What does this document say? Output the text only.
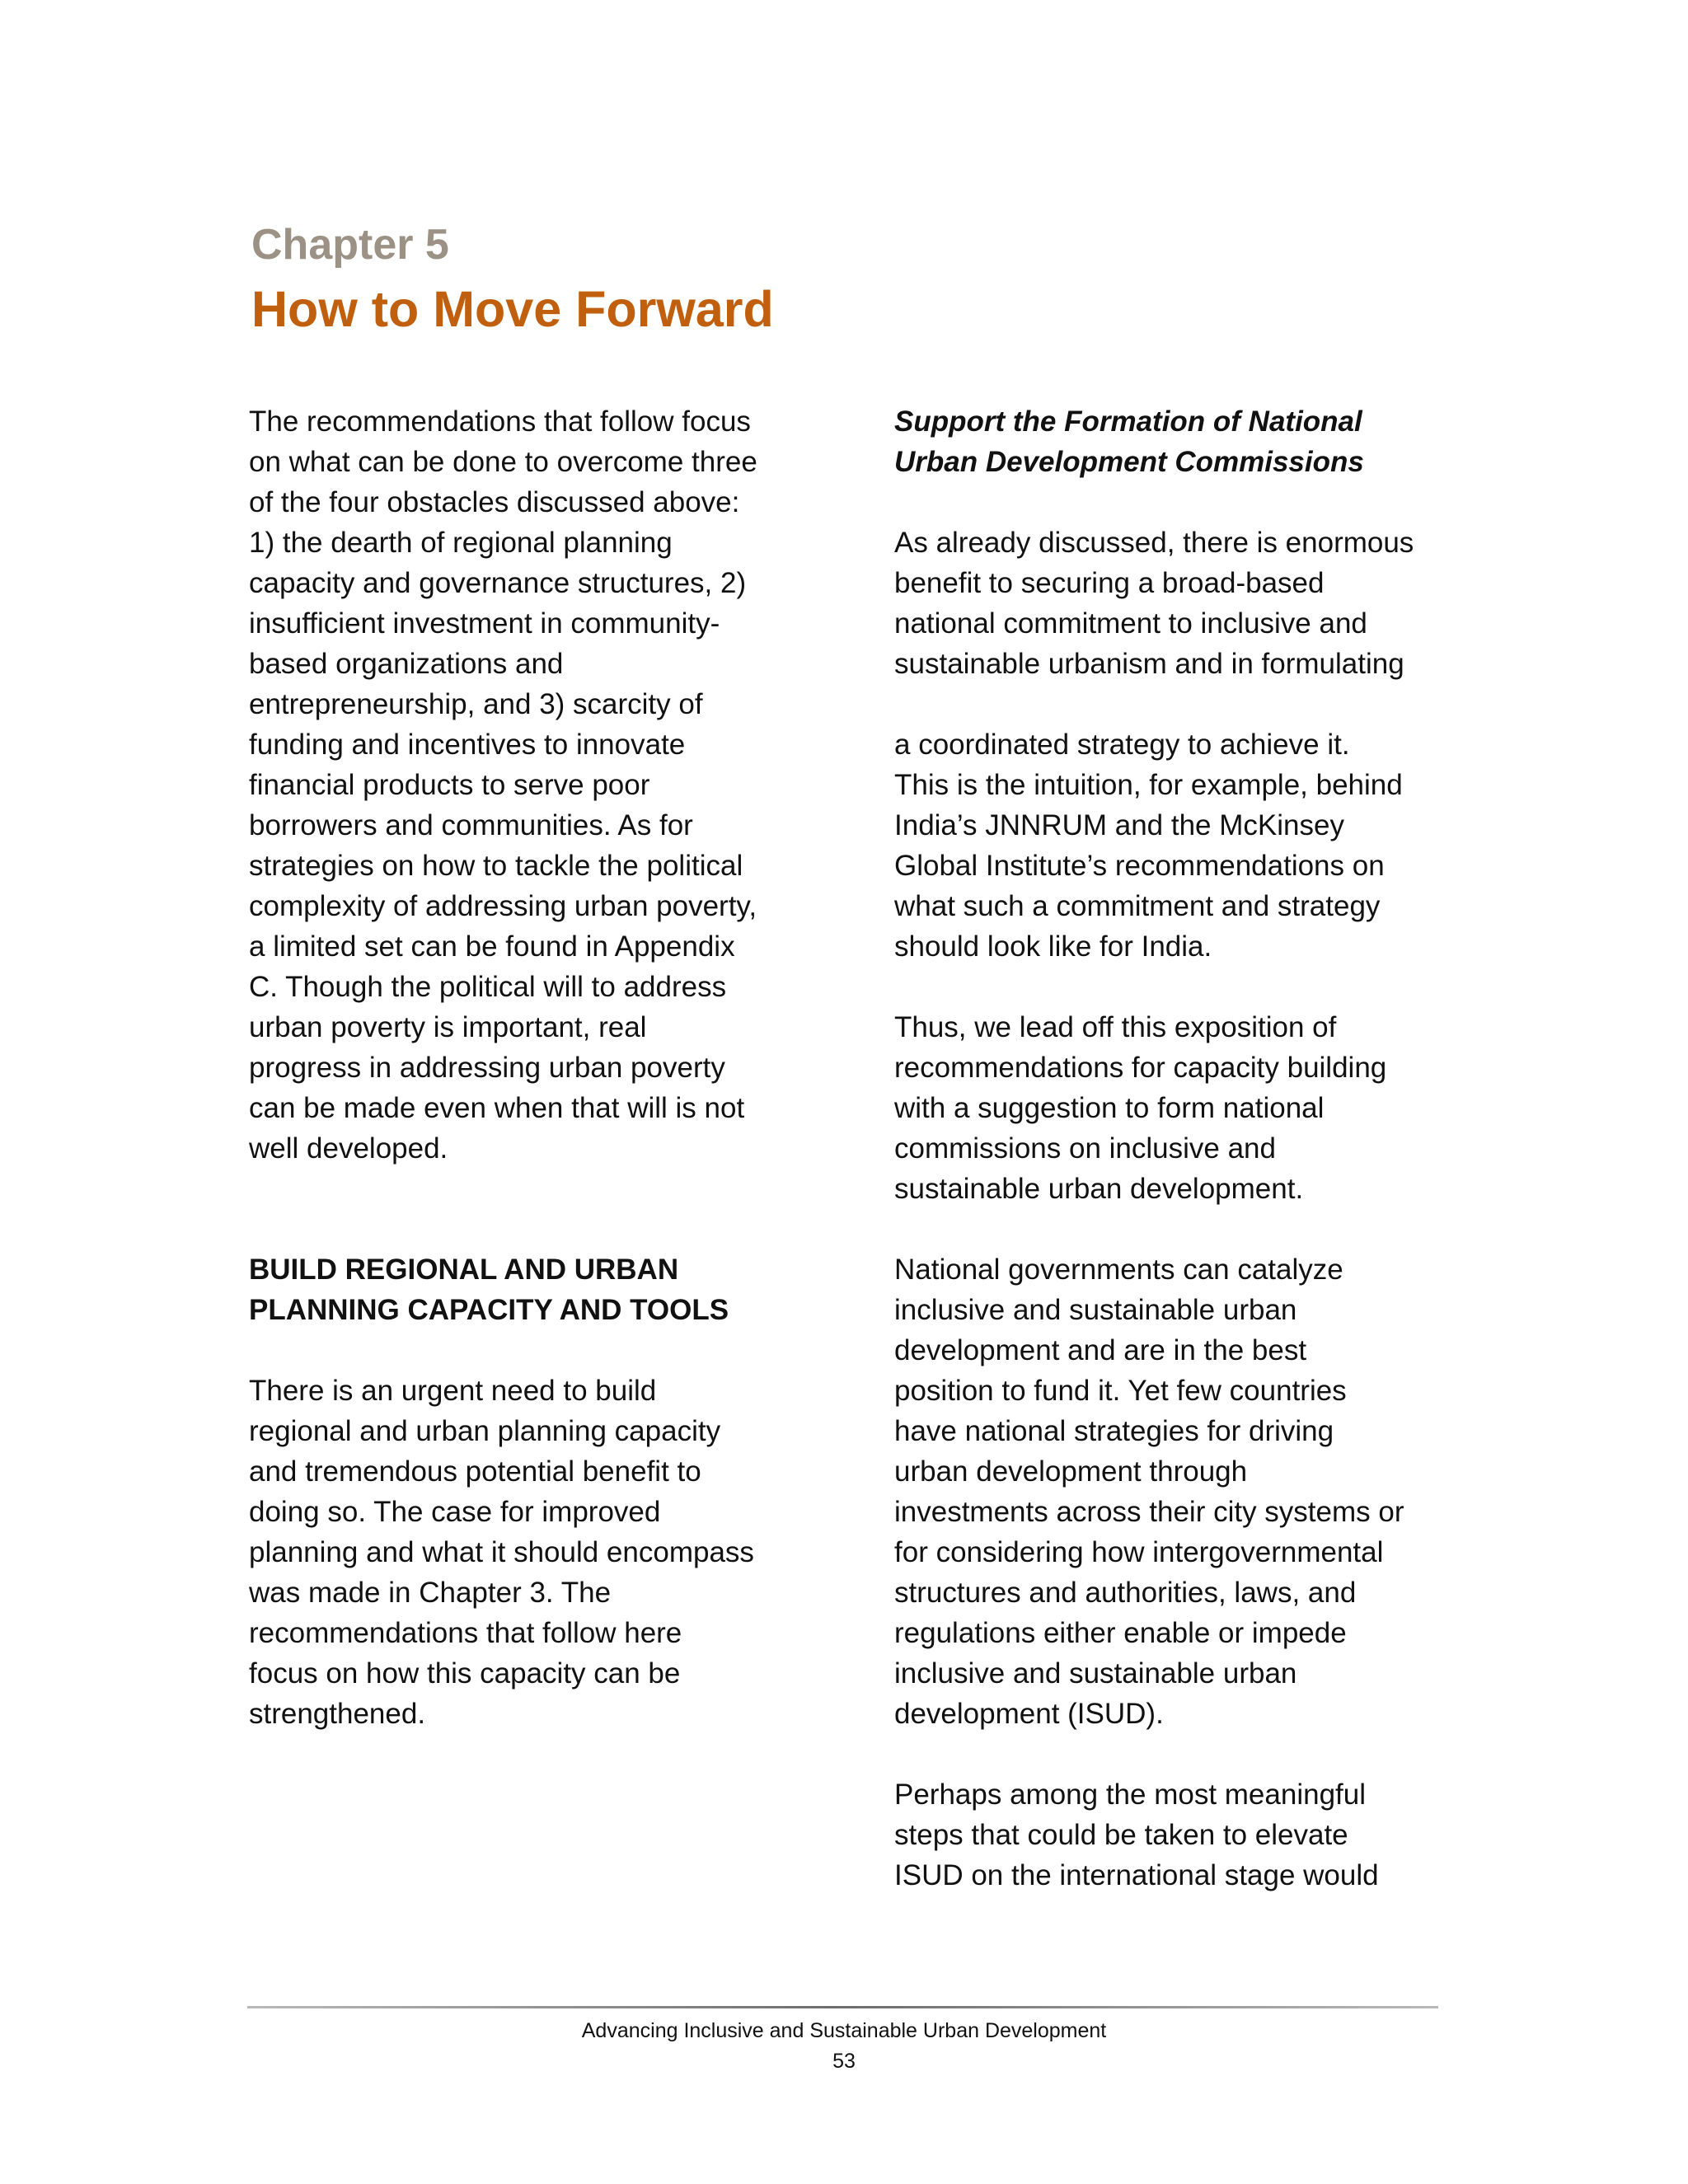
Chapter 5
How to Move Forward
The recommendations that follow focus
on what can be done to overcome three
of the four obstacles discussed above:
1) the dearth of regional planning
capacity and governance structures, 2)
insufficient investment in community-
based organizations and
entrepreneurship, and 3) scarcity of
funding and incentives to innovate
financial products to serve poor
borrowers and communities. As for
strategies on how to tackle the political
complexity of addressing urban poverty,
a limited set can be found in Appendix
C. Though the political will to address
urban poverty is important, real
progress in addressing urban poverty
can be made even when that will is not
well developed.
BUILD REGIONAL AND URBAN
PLANNING CAPACITY AND TOOLS
There is an urgent need to build
regional and urban planning capacity
and tremendous potential benefit to
doing so. The case for improved
planning and what it should encompass
was made in Chapter 3. The
recommendations that follow here
focus on how this capacity can be
strengthened.
Support the Formation of National
Urban Development Commissions
As already discussed, there is enormous
benefit to securing a broad-based
national commitment to inclusive and
sustainable urbanism and in formulating
a coordinated strategy to achieve it.
This is the intuition, for example, behind
India’s JNNRUM and the McKinsey
Global Institute’s recommendations on
what such a commitment and strategy
should look like for India.
Thus, we lead off this exposition of
recommendations for capacity building
with a suggestion to form national
commissions on inclusive and
sustainable urban development.
National governments can catalyze
inclusive and sustainable urban
development and are in the best
position to fund it. Yet few countries
have national strategies for driving
urban development through
investments across their city systems or
for considering how intergovernmental
structures and authorities, laws, and
regulations either enable or impede
inclusive and sustainable urban
development (ISUD).
Perhaps among the most meaningful
steps that could be taken to elevate
ISUD on the international stage would
Advancing Inclusive and Sustainable Urban Development
53
